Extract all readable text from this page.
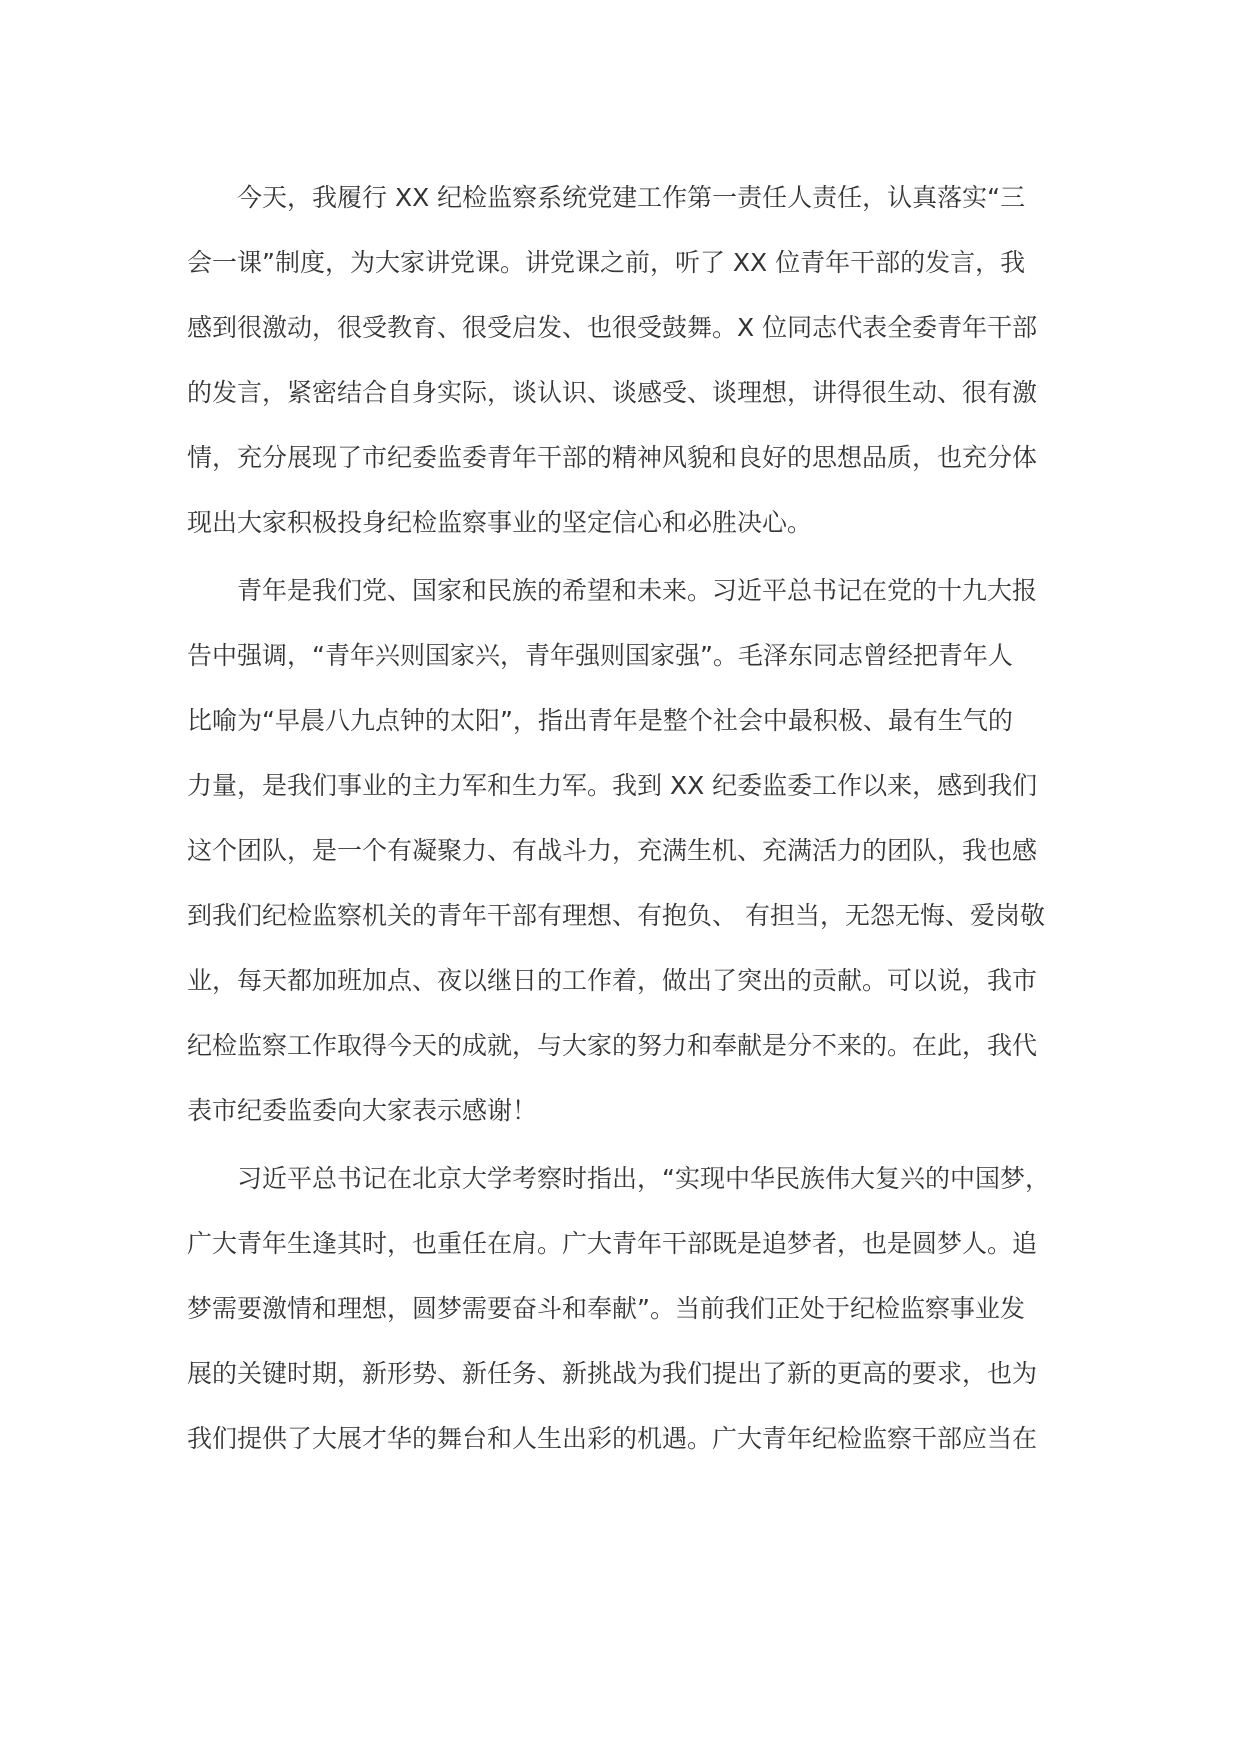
今天，我履行 XX 纪检监察系统党建工作第一责任人责任，认真落实“三
会一课”制度，为大家讲党课。讲党课之前，听了 XX 位青年干部的发言，我
感到很激动，很受教育、很受启发、也很受鼓舞。X 位同志代表全委青年干部
的发言，紧密结合自身实际，谈认识、谈感受、谈理想，讲得很生动、很有激
情，充分展现了市纪委监委青年干部的精神风貌和良好的思想品质，也充分体
现出大家积极投身纪检监察事业的坚定信心和必胜决心。

青年是我们党、国家和民族的希望和未来。习近平总书记在党的十九大报
告中强调，“青年兴则国家兴，青年强则国家强”。毛泽东同志曾经把青年人
比喻为“早晨八九点钟的太阳”，指出青年是整个社会中最积极、最有生气的
力量，是我们事业的主力军和生力军。我到 XX 纪委监委工作以来，感到我们
这个团队，是一个有凝聚力、有战斗力，充满生机、充满活力的团队，我也感
到我们纪检监察机关的青年干部有理想、有抱负、 有担当，无怨无悔、爱岗敬
业，每天都加班加点、夜以继日的工作着，做出了突出的贡献。可以说，我市
纪检监察工作取得今天的成就，与大家的努力和奉献是分不来的。在此，我代
表市纪委监委向大家表示感谢！

习近平总书记在北京大学考察时指出，“实现中华民族伟大复兴的中国梦，
广大青年生逢其时，也重任在肩。广大青年干部既是追梦者，也是圆梦人。追
梦需要激情和理想，圆梦需要奋斗和奉献”。当前我们正处于纪检监察事业发
展的关键时期，新形势、新任务、新挑战为我们提出了新的更高的要求，也为
我们提供了大展才华的舞台和人生出彩的机遇。广大青年纪检监察干部应当在
